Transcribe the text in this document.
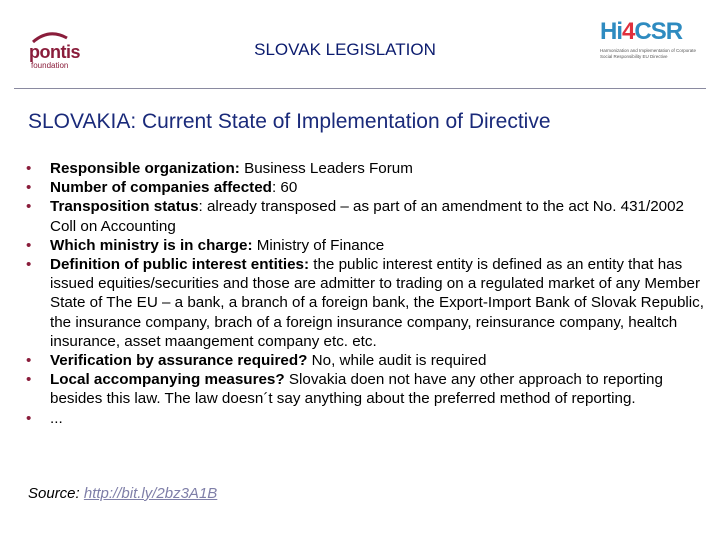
pontis
foundation
SLOVAK LEGISLATION
Hi4CSR
Harmonization and Implementation of Corporate Social Responsibility EU Directive
SLOVAKIA: Current State of Implementation of Directive
• Responsible organization: Business Leaders Forum
• Number of companies affected: 60
• Transposition status: already transposed – as part of an amendment to the act No. 431/2002 Coll on Accounting
• Which ministry is in charge: Ministry of Finance
• Definition of public interest entities: the public interest entity is defined as an entity that has issued equities/securities and those are admitter to trading on a regulated market of any Member State of The EU – a bank, a branch of a foreign bank, the Export-Import Bank of Slovak Republic, the insurance company, brach of a foreign insurance company, reinsurance company, healtch insurance, asset maangement company etc. etc.
• Verification by assurance required? No, while audit is required
• Local accompanying measures? Slovakia doen not have any other approach to reporting besides this law. The law doesn´t say anything about the preferred method of reporting.
• ...
Source: http://bit.ly/2bz3A1B
